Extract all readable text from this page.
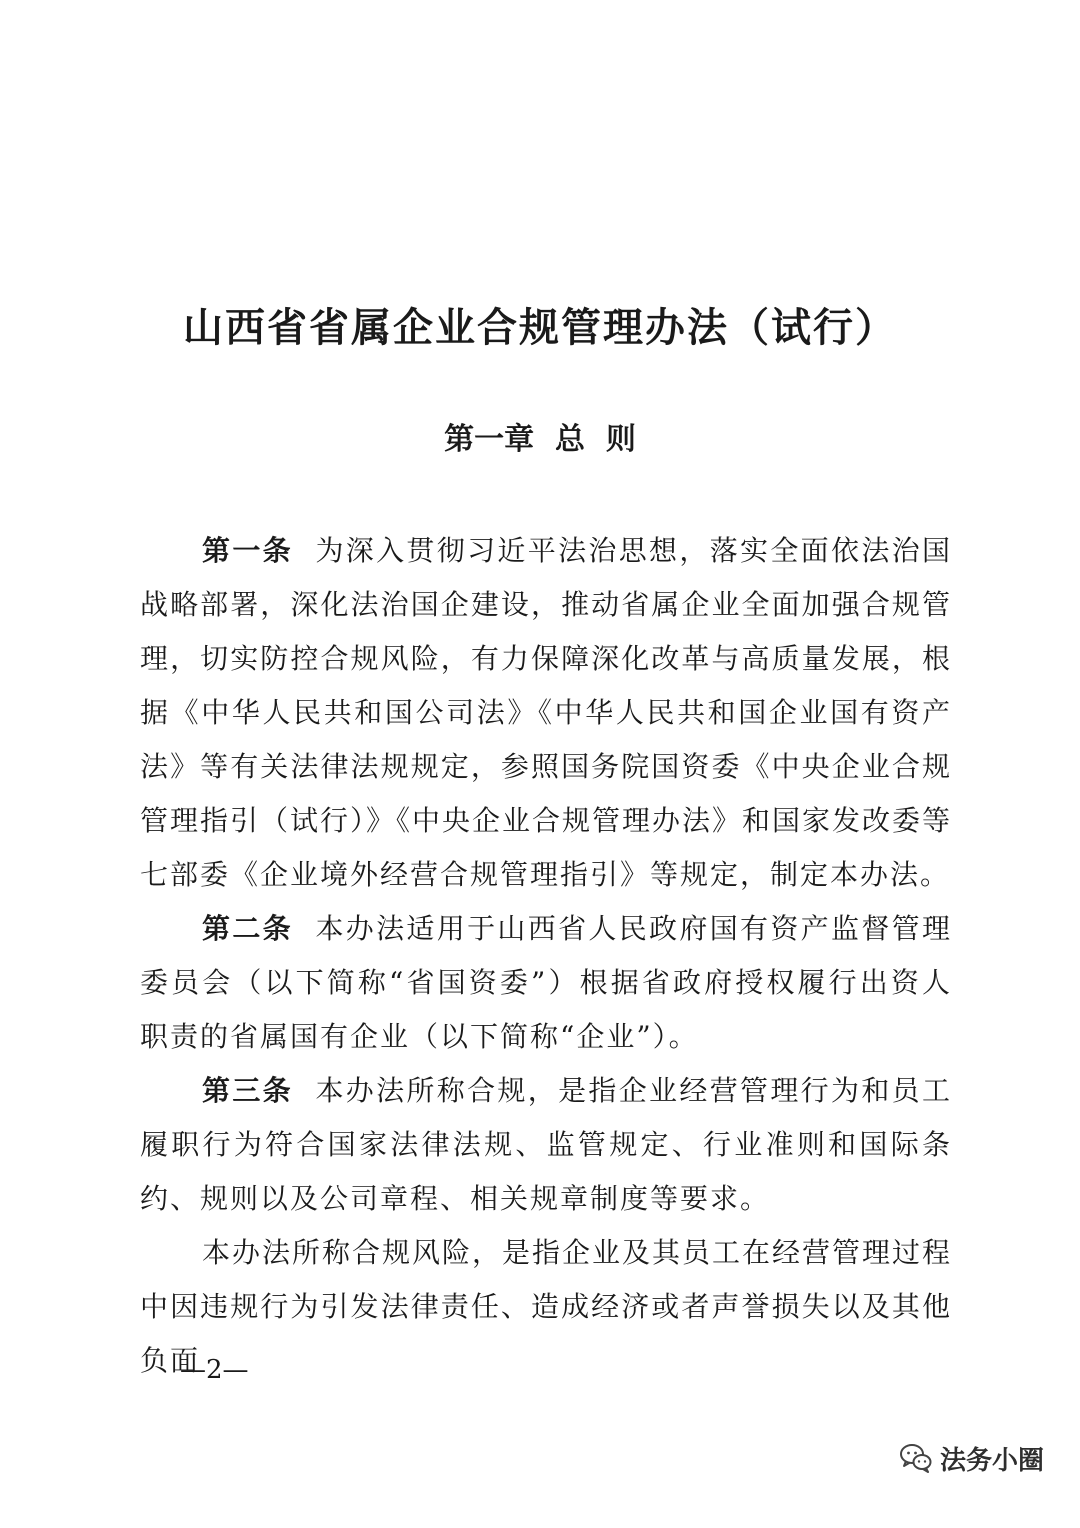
山西省省属企业合规管理办法（试行）
第一章  总  则

第一条 为深入贯彻习近平法治思想，落实全面依法治国战略部署，深化法治国企建设，推动省属企业全面加强合规管理，切实防控合规风险，有力保障深化改革与高质量发展，根据《中华人民共和国公司法》《中华人民共和国企业国有资产法》等有关法律法规规定，参照国务院国资委《中央企业合规管理指引（试行）》《中央企业合规管理办法》和国家发改委等七部委《企业境外经营合规管理指引》等规定，制定本办法。

第二条 本办法适用于山西省人民政府国有资产监督管理委员会（以下简称“省国资委”）根据省政府授权履行出资人职责的省属国有企业（以下简称“企业”）。

第三条 本办法所称合规，是指企业经营管理行为和员工履职行为符合国家法律法规、监管规定、行业准则和国际条约、规则以及公司章程、相关规章制度等要求。

本办法所称合规风险，是指企业及其员工在经营管理过程中因违规行为引发法律责任、造成经济或者声誉损失以及其他负面

—2—

法务小圈
